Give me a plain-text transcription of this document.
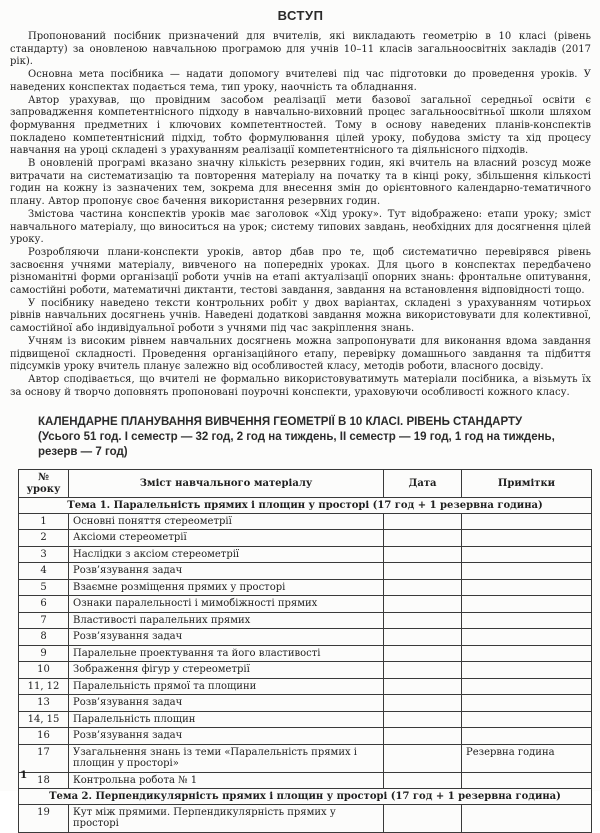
ВСТУП

Пропонований посібник призначений для вчителів, які викладають геометрію в 10 класі (рівень стандарту) за оновленою навчальною програмою для учнів 10–11 класів загальноосвітніх закладів (2017 рік).

Основна мета посібника — надати допомогу вчителеві під час підготовки до проведення уроків. У наведених конспектах подається тема, тип уроку, наочність та обладнання.

Автор урахував, що провідним засобом реалізації мети базової загальної середньої освіти є запровадження компетентнісного підходу в навчально-виховний процес загальноосвітньої школи шляхом формування предметних і ключових компетентностей. Тому в основу наведених планів-конспектів покладено компетентнісний підхід, тобто формулювання цілей уроку, побудова змісту та хід процесу навчання на уроці складені з урахуванням реалізації компетентнісного та діяльнісного підходів.

В оновленій програмі вказано значну кількість резервних годин, які вчитель на власний розсуд може витрачати на систематизацію та повторення матеріалу на початку та в кінці року, збільшення кількості годин на кожну із зазначених тем, зокрема для внесення змін до орієнтовного календарно-тематичного плану. Автор пропонує своє бачення використання резервних годин.

Змістова частина конспектів уроків має заголовок «Хід уроку». Тут відображено: етапи уроку; зміст навчального матеріалу, що виноситься на урок; систему типових завдань, необхідних для досягнення цілей уроку.

Розробляючи плани-конспекти уроків, автор дбав про те, щоб систематично перевірявся рівень засвоєння учнями матеріалу, вивченого на попередніх уроках. Для цього в конспектах передбачено різноманітні форми організації роботи учнів на етапі актуалізації опорних знань: фронтальне опитування, самостійні роботи, математичні диктанти, тестові завдання, завдання на встановлення відповідності тощо.

У посібнику наведено тексти контрольних робіт у двох варіантах, складені з урахуванням чотирьох рівнів навчальних досягнень учнів. Наведені додаткові завдання можна використовувати для колективної, самостійної або індивідуальної роботи з учнями під час закріплення знань.

Учням із високим рівнем навчальних досягнень можна запропонувати для виконання вдома завдання підвищеної складності. Проведення організаційного етапу, перевірку домашнього завдання та підбиття підсумків уроку вчитель планує залежно від особливостей класу, методів роботи, власного досвіду.

Автор сподівається, що вчителі не формально використовуватимуть матеріали посібника, а візьмуть їх за основу й творчо доповнять пропоновані поурочні конспекти, ураховуючи особливості кожного класу.

КАЛЕНДАРНЕ ПЛАНУВАННЯ ВИВЧЕННЯ ГЕОМЕТРІЇ В 10 КЛАСІ. РІВЕНЬ СТАНДАРТУ
(Усього 51 год. І семестр — 32 год, 2 год на тиждень, ІІ семестр — 19 год, 1 год на тиждень, резерв — 7 год)
№ уроку	Зміст навчального матеріалу	Дата	Примітки
Тема 1. Паралельність прямих і площин у просторі (17 год + 1 резервна година)			
1	Основні поняття стереометрії		
2	Аксіоми стереометрії		
3	Наслідки з аксіом стереометрії		
4	Розв’язування задач		
5	Взаємне розміщення прямих у просторі		
6	Ознаки паралельності і мимобіжності прямих		
7	Властивості паралельних прямих		
8	Розв’язування задач		
9	Паралельне проектування та його властивості		
10	Зображення фігур у стереометрії		
11, 12	Паралельність прямої та площини		
13	Розв’язування задач		
14, 15	Паралельність площин		
16	Розв’язування задач		
17	Узагальнення знань із теми «Паралельність прямих і площин у просторі»		Резервна година
18	Контрольна робота № 1		
Тема 2. Перпендикулярність прямих і площин у просторі (17 год + 1 резервна година)			
19	Кут між прямими. Перпендикулярність прямих у просторі		
1
